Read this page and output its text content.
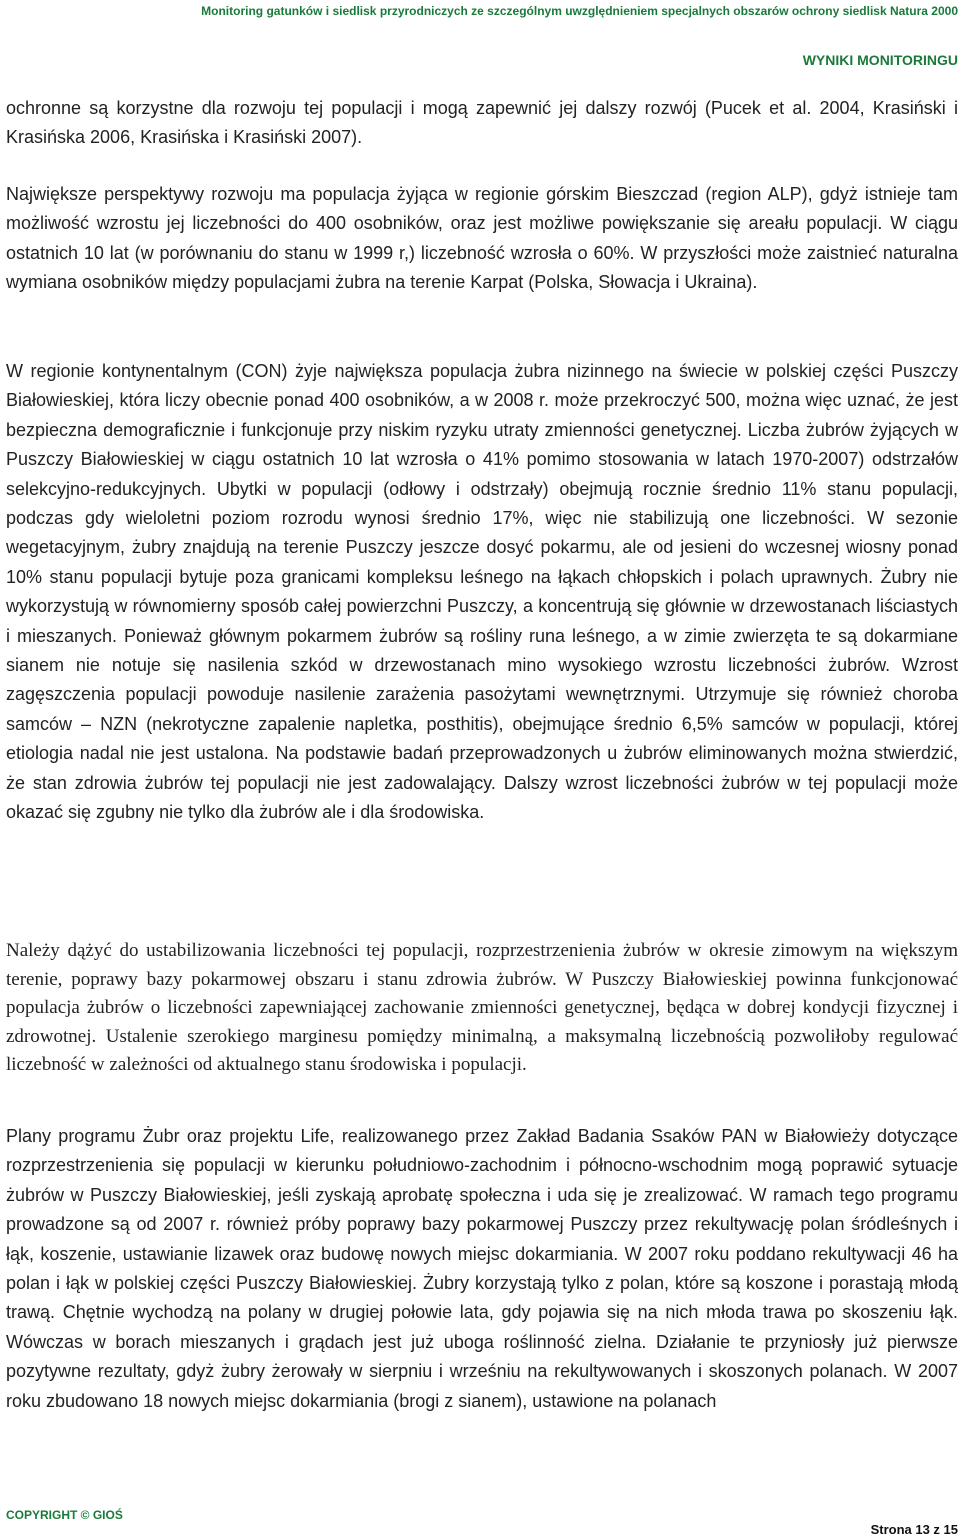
Monitoring gatunków i siedlisk przyrodniczych ze szczególnym uwzględnieniem specjalnych obszarów ochrony siedlisk Natura 2000
WYNIKI MONITORINGU

ochronne są korzystne dla rozwoju tej populacji i mogą zapewnić jej dalszy rozwój (Pucek et al. 2004, Krasiński i Krasińska 2006, Krasińska i Krasiński 2007).

Największe perspektywy rozwoju ma populacja żyjąca w regionie górskim Bieszczad (region ALP), gdyż istnieje tam możliwość wzrostu jej liczebności do 400 osobników, oraz jest możliwe powiększanie się areału populacji. W ciągu ostatnich 10 lat (w porównaniu do stanu w 1999 r,) liczebność wzrosła o 60%. W przyszłości może zaistnieć naturalna wymiana osobników między populacjami żubra na terenie Karpat (Polska, Słowacja i Ukraina).

W regionie kontynentalnym (CON) żyje największa populacja żubra nizinnego na świecie w polskiej części Puszczy Białowieskiej, która liczy obecnie ponad 400 osobników, a w 2008 r. może przekroczyć 500, można więc uznać, że jest bezpieczna demograficznie i funkcjonuje przy niskim ryzyku utraty zmienności genetycznej. Liczba żubrów żyjących w Puszczy Białowieskiej w ciągu ostatnich 10 lat wzrosła o 41% pomimo stosowania w latach 1970-2007) odstrzałów selekcyjno-redukcyjnych. Ubytki w populacji (odłowy i odstrzały) obejmują rocznie średnio 11% stanu populacji, podczas gdy wieloletni poziom rozrodu wynosi średnio 17%, więc nie stabilizują one liczebności. W sezonie wegetacyjnym, żubry znajdują na terenie Puszczy jeszcze dosyć pokarmu, ale od jesieni do wczesnej wiosny ponad 10% stanu populacji bytuje poza granicami kompleksu leśnego na łąkach chłopskich i polach uprawnych. Żubry nie wykorzystują w równomierny sposób całej powierzchni Puszczy, a koncentrują się głównie w drzewostanach liściastych i mieszanych. Ponieważ głównym pokarmem żubrów są rośliny runa leśnego, a w zimie zwierzęta te są dokarmiane sianem nie notuje się nasilenia szkód w drzewostanach mino wysokiego wzrostu liczebności żubrów. Wzrost zagęszczenia populacji powoduje nasilenie zarażenia pasożytami wewnętrznymi. Utrzymuje się również choroba samców – NZN (nekrotyczne zapalenie napletka, posthitis), obejmujące średnio 6,5% samców w populacji, której etiologia nadal nie jest ustalona. Na podstawie badań przeprowadzonych u żubrów eliminowanych można stwierdzić, że stan zdrowia żubrów tej populacji nie jest zadowalający. Dalszy wzrost liczebności żubrów w tej populacji może okazać się zgubny nie tylko dla żubrów ale i dla środowiska.

Należy dążyć do ustabilizowania liczebności tej populacji, rozprzestrzenienia żubrów w okresie zimowym na większym terenie, poprawy bazy pokarmowej obszaru i stanu zdrowia żubrów. W Puszczy Białowieskiej powinna funkcjonować populacja żubrów o liczebności zapewniającej zachowanie zmienności genetycznej, będąca w dobrej kondycji fizycznej i zdrowotnej. Ustalenie szerokiego marginesu pomiędzy minimalną, a maksymalną liczebnością pozwoliłoby regulować liczebność w zależności od aktualnego stanu środowiska i populacji.

Plany programu Żubr oraz projektu Life, realizowanego przez Zakład Badania Ssaków PAN w Białowieży dotyczące rozprzestrzenienia się populacji w kierunku południowo-zachodnim i północno-wschodnim mogą poprawić sytuacje żubrów w Puszczy Białowieskiej, jeśli zyskają aprobatę społeczna i uda się je zrealizować. W ramach tego programu prowadzone są od 2007 r. również próby poprawy bazy pokarmowej Puszczy przez rekultywację polan śródleśnych i łąk, koszenie, ustawianie lizawek oraz budowę nowych miejsc dokarmiania. W 2007 roku poddano rekultywacji 46 ha polan i łąk w polskiej części Puszczy Białowieskiej. Żubry korzystają tylko z polan, które są koszone i porastają młodą trawą. Chętnie wychodzą na polany w drugiej połowie lata, gdy pojawia się na nich młoda trawa po skoszeniu łąk. Wówczas w borach mieszanych i grądach jest już uboga roślinność zielna. Działanie te przyniosły już pierwsze pozytywne rezultaty, gdyż żubry żerowały w sierpniu i wrześniu na rekultywowanych i skoszonych polanach. W 2007 roku zbudowano 18 nowych miejsc dokarmiania (brogi z sianem), ustawione na polanach

COPYRIGHT © GIOŚ
Strona 13 z 15
